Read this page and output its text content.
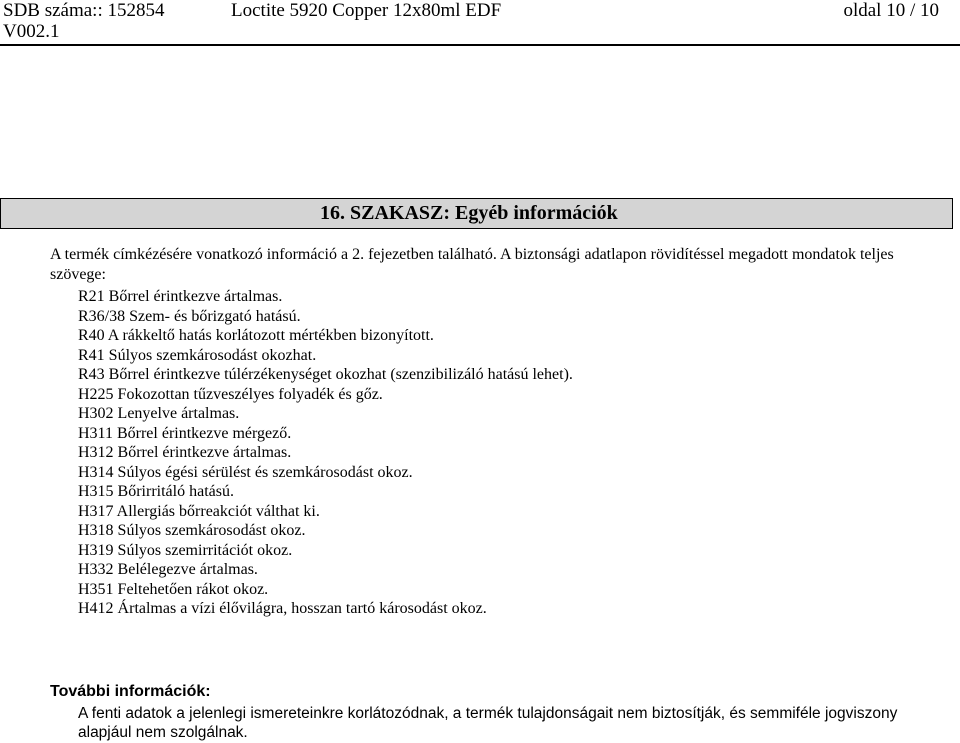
SDB száma:: 152854	Loctite 5920 Copper 12x80ml EDF	oldal 10 / 10
V002.1
16. SZAKASZ: Egyéb információk
A termék címkézésére vonatkozó információ a 2. fejezetben található. A biztonsági adatlapon rövidítéssel megadott mondatok teljes szövege:
R21 Bőrrel érintkezve ártalmas.
R36/38 Szem- és bőrizgató hatású.
R40 A rákkeltő hatás korlátozott mértékben bizonyított.
R41 Súlyos szemkárosodást okozhat.
R43 Bőrrel érintkezve túlérzékenységet okozhat (szenzibilizáló hatású lehet).
H225 Fokozottan tűzveszélyes folyadék és gőz.
H302 Lenyelve ártalmas.
H311 Bőrrel érintkezve mérgező.
H312 Bőrrel érintkezve ártalmas.
H314 Súlyos égési sérülést és szemkárosodást okoz.
H315 Bőrirritáló hatású.
H317 Allergiás bőrreakciót válthat ki.
H318 Súlyos szemkárosodást okoz.
H319 Súlyos szemirritációt okoz.
H332 Belélegezve ártalmas.
H351 Feltehetően rákot okoz.
H412 Ártalmas a vízi élővilágra, hosszan tartó károsodást okoz.
További információk:
A fenti adatok a jelenlegi ismereteinkre korlátozódnak, a termék tulajdonságait nem biztosítják, és semmiféle jogviszony alapjául nem szolgálnak.
